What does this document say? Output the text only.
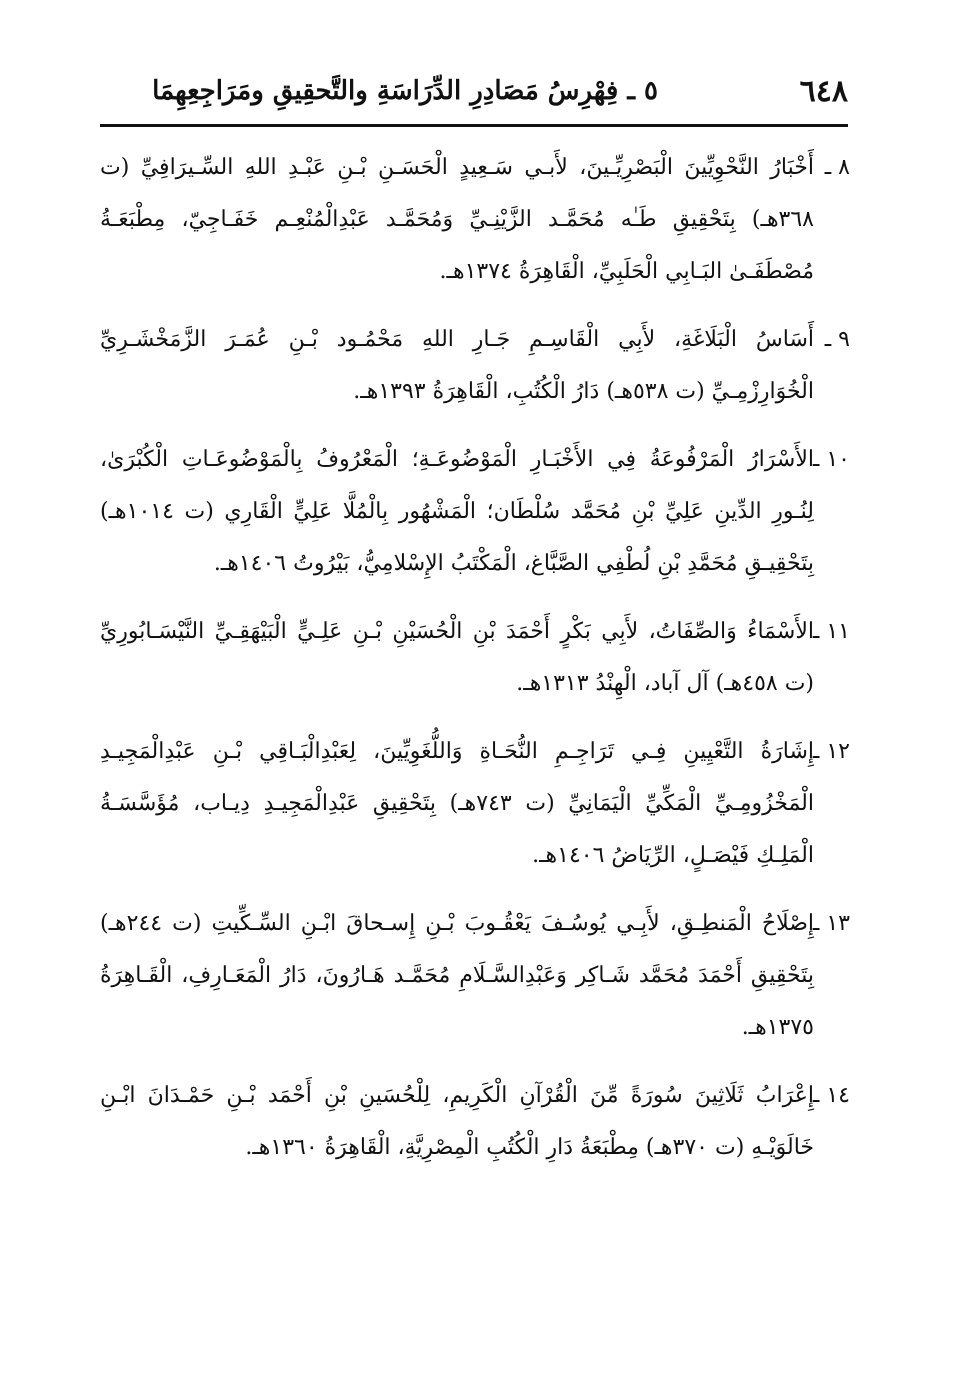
٦٤٨
٥ ـ فِهْرِسُ مَصَادِرِ الدِّرَاسَةِ والتَّحقِيقِ ومَرَاجِعِهِمَا
٨ ـ
أَخْبَارُ النَّحْوِيِّينَ الْبَصْرِيِّـينَ، لأَبـي سَـعِيدٍ الْحَسَـنِ بْـنِ عَبْـدِ اللهِ السِّـيرَافِيِّ (ت ٣٦٨هـ) بِتَحْقِيقِ طَـٰه مُحَمَّـد الزَّيْنِـيِّ وَمُحَمَّـد عَبْدِالْمُنْعِـم خَفَـاجِيّ، مِطْبَعَـةُ مُصْطَفَـىٰ البَـابِي الْحَلَبِيِّ، الْقَاهِرَةُ ١٣٧٤هـ.
٩ ـ
أَسَاسُ الْبَلَاغَةِ، لأَبِي الْقَاسِـمِ جَـارِ اللهِ مَحْمُـود بْـنِ عُمَـرَ الزَّمَخْشَـرِيِّ الْخُوَارِزْمِـيِّ (ت ٥٣٨هـ) دَارُ الْكُتُبِ، الْقَاهِرَةُ ١٣٩٣هـ.
١٠ ـ
الأَسْرَارُ الْمَرْفُوعَةُ فِي الأَخْبَـارِ الْمَوْضُوعَـةِ؛ الْمَعْرُوفُ بِالْمَوْضُوعَـاتِ الْكُبْرَىٰ، لِنُـورِ الدِّينِ عَلِيِّ بْنِ مُحَمَّد سُلْطَان؛ الْمَشْهُور بِالْمُلَّا عَلِيٍّ الْقَارِي (ت ١٠١٤هـ) بِتَحْقِيـقِ مُحَمَّدِ بْنِ لُطْفِي الصَّبَّاغ، الْمَكْتَبُ الإِسْلامِيُّ، بَيْرُوتُ ١٤٠٦هـ.
١١ ـ
الأَسْمَاءُ وَالصِّفَاتُ، لأَبِي بَكْرٍ أَحْمَدَ بْنِ الْحُسَيْنِ بْـنِ عَلِـيٍّ الْبَيْهَقِـيِّ النَّيْسَـابُورِيِّ (ت ٤٥٨هـ) آل آباد، الْهِنْدُ ١٣١٣هـ.
١٢ ـ
إِشَارَةُ التَّعْيِينِ فِـي تَرَاجِـمِ النُّحَـاةِ وَاللُّغَوِيِّينَ، لِعَبْدِالْبَـاقِي بْـنِ عَبْدِالْمَجِيـدِ الْمَخْزُومِـيِّ الْمَكِّيِّ الْيَمَانِيِّ (ت ٧٤٣هـ) بِتَحْقِيقِ عَبْدِالْمَجِيـدِ دِيـاب، مُؤَسَّسَـةُ الْمَلِـكِ فَيْصَـلٍ، الرِّيَاضُ ١٤٠٦هـ.
١٣ ـ
إِصْلَاحُ الْمَنطِـقِ، لأَبِـي يُوسُـفَ يَعْقُـوبَ بْـنِ إِسـحاقَ ابْـنِ السِّـكِّيتِ (ت ٢٤٤هـ) بِتَحْقِيقِ أَحْمَدَ مُحَمَّد شَـاكِر وَعَبْدِالسَّـلَامِ مُحَمَّـد هَـارُونَ، دَارُ الْمَعَـارِفِ، الْقَـاهِرَةُ ١٣٧٥هـ.
١٤ ـ
إِعْرَابُ ثَلَاثِينَ سُورَةً مِّنَ الْقُرْآنِ الْكَرِيمِ، لِلْحُسَينِ بْنِ أَحْمَد بْـنِ حَمْـدَانَ ابْـنِ خَالَوَيْـهِ (ت ٣٧٠هـ) مِطْبَعَةُ دَارِ الْكُتُبِ الْمِصْرِيَّةِ، الْقَاهِرَةُ ١٣٦٠هـ.
